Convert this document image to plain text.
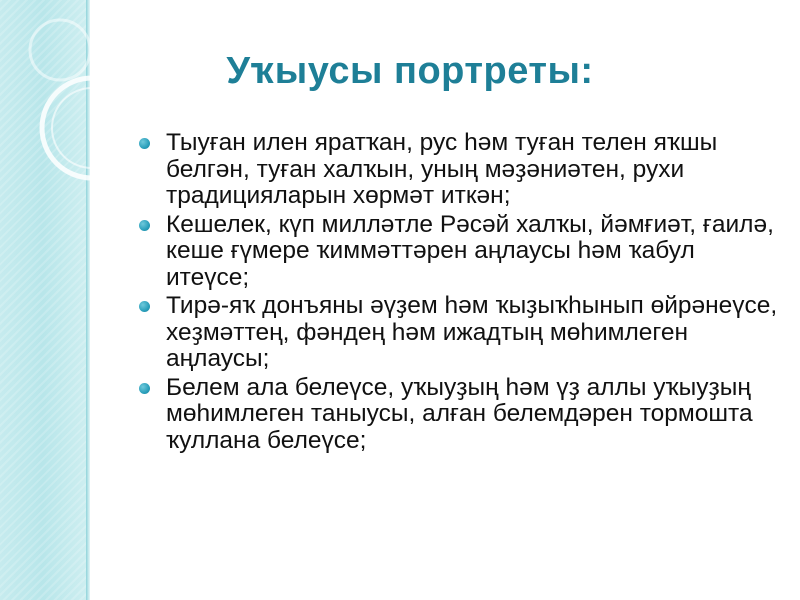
Уҡыусы портреты:
Тыуған илен яратҡан, рус һәм туған телен яҡшы белгән, туған халҡын, уның мәҙәниәтен, рухи традицияларын хөрмәт иткән;
Кешелек, күп милләтле Рәсәй халҡы, йәмғиәт, ғаилә, кеше ғүмере ҡиммәттәрен аңлаусы һәм ҡабул итеүсе;
Тирә-яҡ донъяны әүҙем һәм ҡыҙыҡһынып өйрәнеүсе, хеҙмәттең, фәндең һәм ижадтың мөһимлеген аңлаусы;
Белем ала белеүсе, уҡыуҙың һәм үҙ аллы уҡыуҙың мөһимлеген таныусы, алған белемдәрен тормошта ҡуллана белеүсе;
